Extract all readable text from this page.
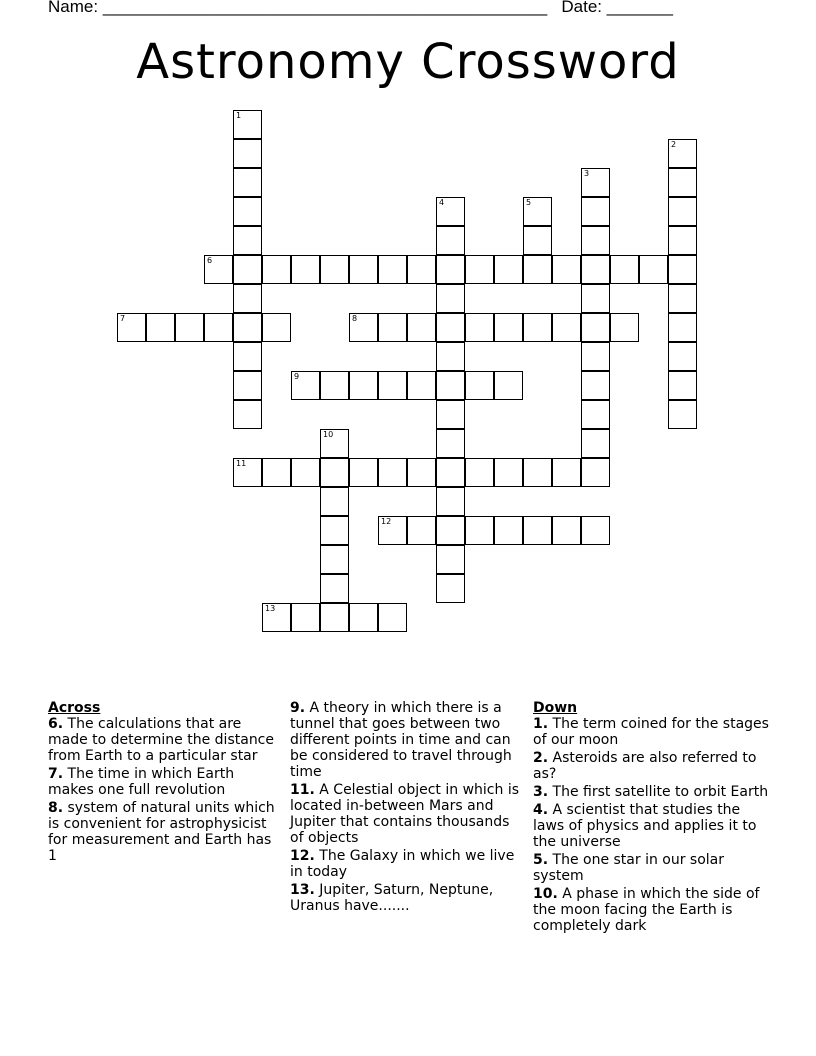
Name: _______________________________________________ Date: _______
Astronomy Crossword
1
2
3
4	5
6
7	8
9
10
11
12
13
Across
6. The calculations that are made to determine the distance from Earth to a particular star
7. The time in which Earth makes one full revolution
8. system of natural units which is convenient for astrophysicist for measurement and Earth has 1
9. A theory in which there is a tunnel that goes between two different points in time and can be considered to travel through time
11. A Celestial object in which is located in-between Mars and Jupiter that contains thousands of objects
12. The Galaxy in which we live in today
13. Jupiter, Saturn, Neptune, Uranus have.......
Down
1. The term coined for the stages of our moon
2. Asteroids are also referred to as?
3. The first satellite to orbit Earth
4. A scientist that studies the laws of physics and applies it to the universe
5. The one star in our solar system
10. A phase in which the side of the moon facing the Earth is completely dark
